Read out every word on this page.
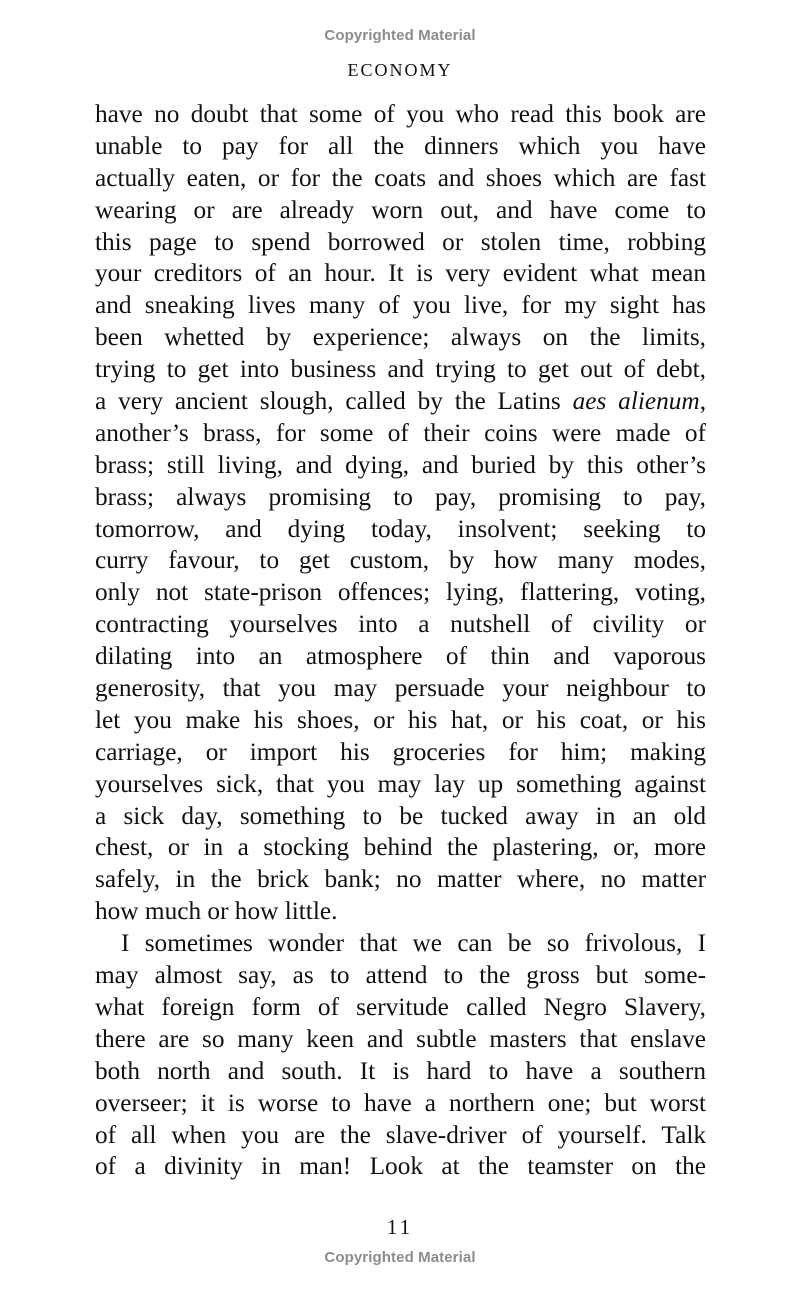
Copyrighted Material
ECONOMY
have no doubt that some of you who read this book are
unable to pay for all the dinners which you have
actually eaten, or for the coats and shoes which are fast
wearing or are already worn out, and have come to
this page to spend borrowed or stolen time, robbing
your creditors of an hour. It is very evident what mean
and sneaking lives many of you live, for my sight has
been whetted by experience; always on the limits,
trying to get into business and trying to get out of debt,
a very ancient slough, called by the Latins aes alienum,
another’s brass, for some of their coins were made of
brass; still living, and dying, and buried by this other’s
brass; always promising to pay, promising to pay,
tomorrow, and dying today, insolvent; seeking to
curry favour, to get custom, by how many modes,
only not state-prison offences; lying, flattering, voting,
contracting yourselves into a nutshell of civility or
dilating into an atmosphere of thin and vaporous
generosity, that you may persuade your neighbour to
let you make his shoes, or his hat, or his coat, or his
carriage, or import his groceries for him; making
yourselves sick, that you may lay up something against
a sick day, something to be tucked away in an old
chest, or in a stocking behind the plastering, or, more
safely, in the brick bank; no matter where, no matter
how much or how little.
I sometimes wonder that we can be so frivolous, I
may almost say, as to attend to the gross but some-
what foreign form of servitude called Negro Slavery,
there are so many keen and subtle masters that enslave
both north and south. It is hard to have a southern
overseer; it is worse to have a northern one; but worst
of all when you are the slave-driver of yourself. Talk
of a divinity in man! Look at the teamster on the
11
Copyrighted Material
